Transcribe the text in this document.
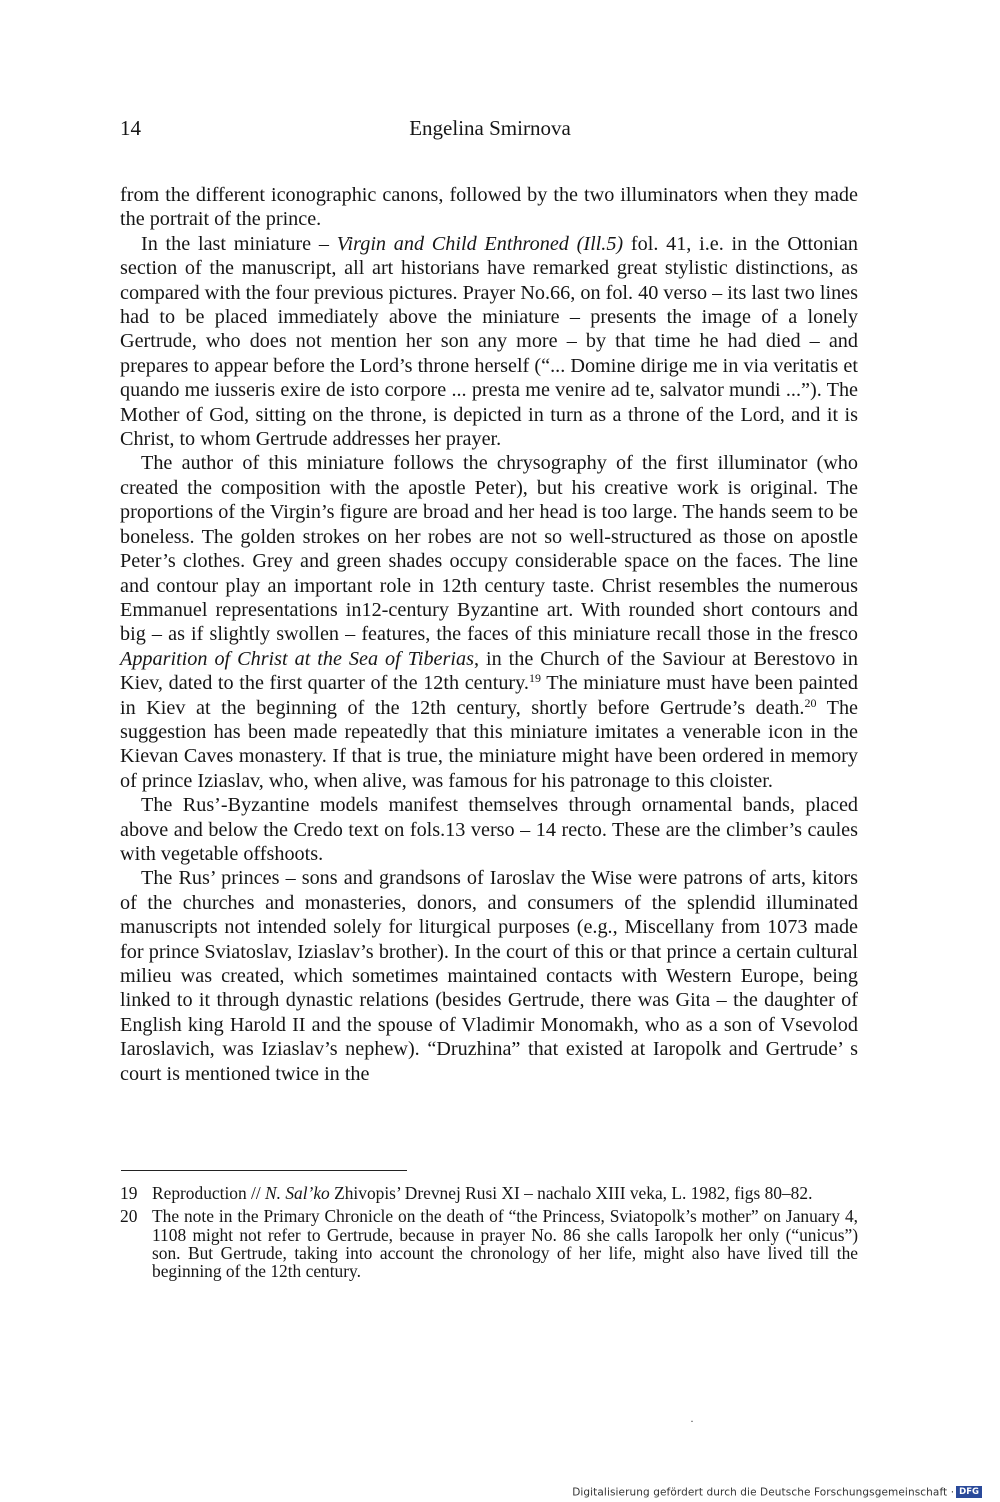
14	Engelina Smirnova

from the different iconographic canons, followed by the two illuminators when they made the portrait of the prince.

In the last miniature – Virgin and Child Enthroned (Ill.5) fol. 41, i.e. in the Ottonian section of the manuscript, all art historians have remarked great stylistic distinctions, as compared with the four previous pictures. Prayer No.66, on fol. 40 verso – its last two lines had to be placed immediately above the miniature – presents the image of a lonely Gertrude, who does not mention her son any more – by that time he had died – and prepares to appear before the Lord’s throne herself (“... Domine dirige me in via veritatis et quando me iusseris exire de isto corpore ... presta me venire ad te, salvator mundi ...”). The Mother of God, sitting on the throne, is depicted in turn as a throne of the Lord, and it is Christ, to whom Gertrude addresses her prayer.

The author of this miniature follows the chrysography of the first illuminator (who created the composition with the apostle Peter), but his creative work is original. The proportions of the Virgin’s figure are broad and her head is too large. The hands seem to be boneless. The golden strokes on her robes are not so well-structured as those on apostle Peter’s clothes. Grey and green shades occupy considerable space on the faces. The line and contour play an important role in 12th century taste. Christ resembles the numerous Emmanuel representations in12-century Byzantine art. With rounded short contours and big – as if slightly swollen – features, the faces of this miniature recall those in the fresco Apparition of Christ at the Sea of Tiberias, in the Church of the Saviour at Berestovo in Kiev, dated to the first quarter of the 12th century.$^{19}$ The miniature must have been painted in Kiev at the beginning of the 12th century, shortly before Gertrude’s death.$^{20}$ The suggestion has been made repeatedly that this miniature imitates a venerable icon in the Kievan Caves monastery. If that is true, the miniature might have been ordered in memory of prince Iziaslav, who, when alive, was famous for his patronage to this cloister.

The Rus’-Byzantine models manifest themselves through ornamental bands, placed above and below the Credo text on fols.13 verso – 14 recto. These are the climber’s caules with vegetable offshoots.

The Rus’ princes – sons and grandsons of Iaroslav the Wise were patrons of arts, kitors of the churches and monasteries, donors, and consumers of the splendid illuminated manuscripts not intended solely for liturgical purposes (e.g., Miscellany from 1073 made for prince Sviatoslav, Iziaslav’s brother). In the court of this or that prince a certain cultural milieu was created, which sometimes maintained contacts with Western Europe, being linked to it through dynastic relations (besides Gertrude, there was Gita – the daughter of English king Harold II and the spouse of Vladimir Monomakh, who as a son of Vsevolod Iaroslavich, was Iziaslav’s nephew). “Druzhina” that existed at Iaropolk and Gertrude’ s court is mentioned twice in the

19 Reproduction // N. Sal’ko Zhivopis’ Drevnej Rusi XI – nachalo XIII veka, L. 1982, figs 80–82.
20 The note in the Primary Chronicle on the death of “the Princess, Sviatopolk’s mother” on January 4, 1108 might not refer to Gertrude, because in prayer No. 86 she calls Iaropolk her only (“unicus”) son. But Gertrude, taking into account the chronology of her life, might also have lived till the beginning of the 12th century.
·
Digitalisierung gefördert durch die Deutsche Forschungsgemeinschaft · DFG
